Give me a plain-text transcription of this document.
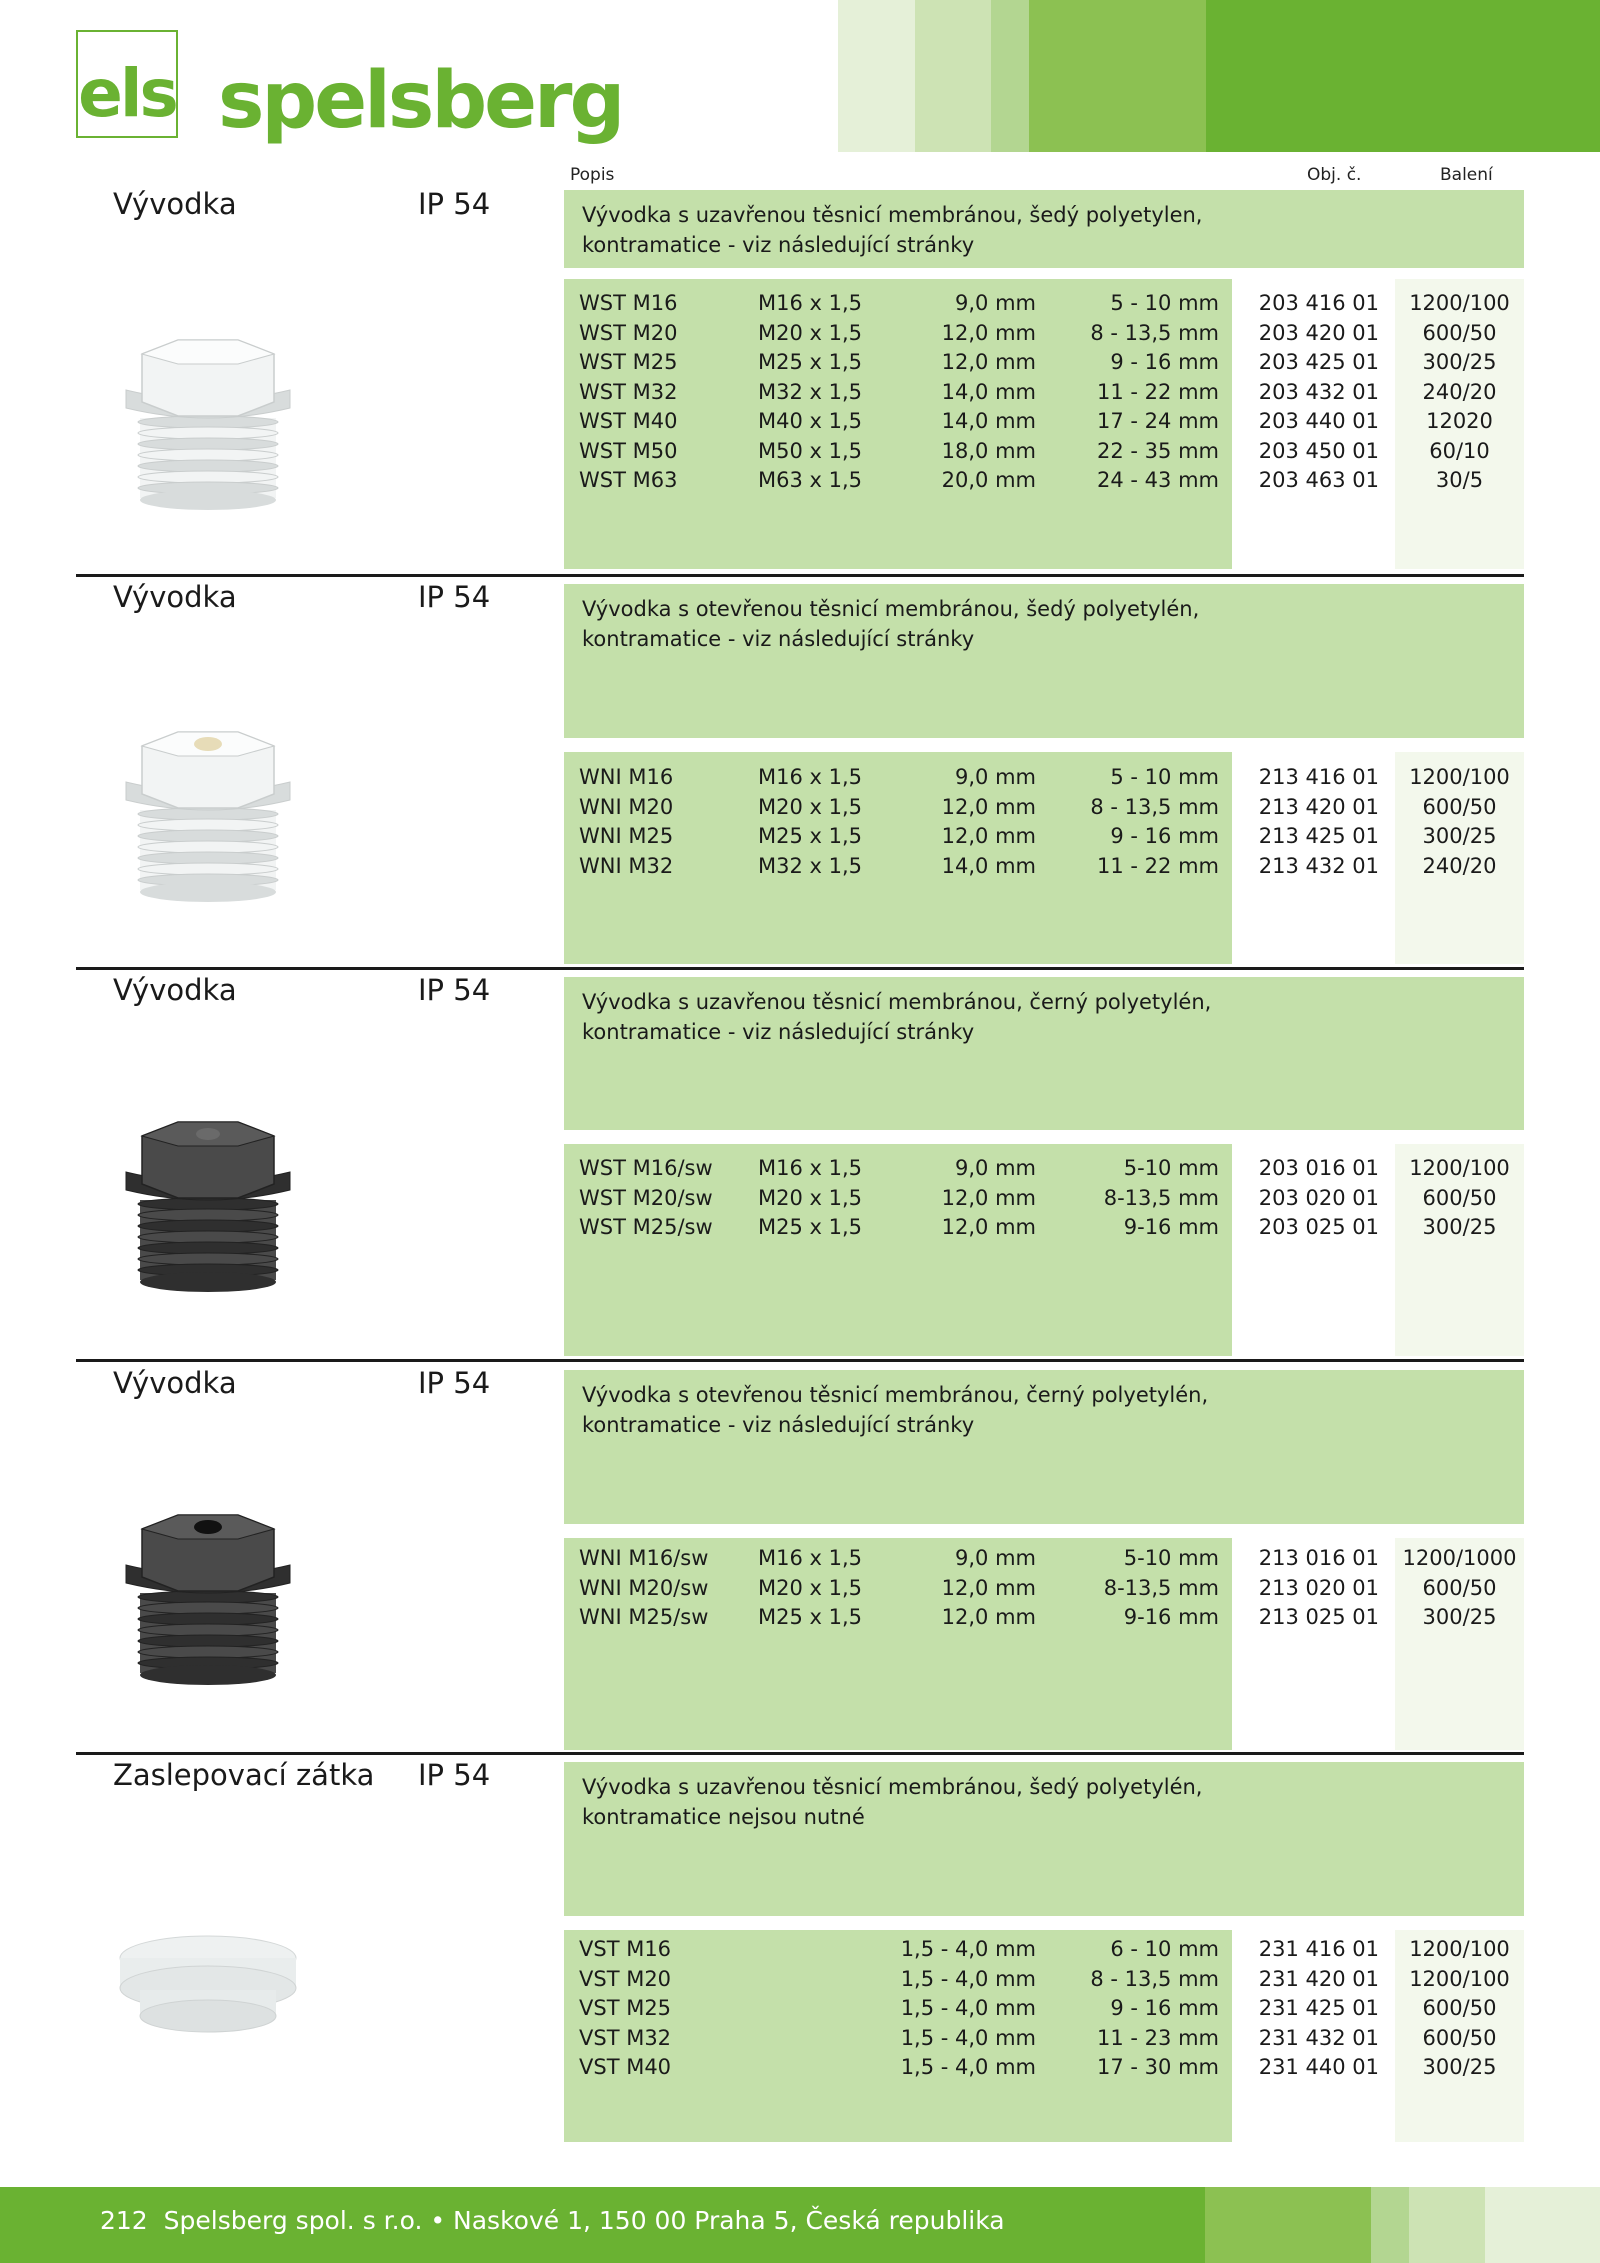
els spelsberg
Popis	Obj. č.	Balení
Vývodka	IP 54	Vývodka s uzavřenou těsnicí membránou, šedý polyetylen,
kontramatice - viz následující stránky
WST M16	M16 x 1,5	9,0 mm	5 - 10 mm 203 416 01	1200/100
WST M20	M20 x 1,5	12,0 mm	8 - 13,5 mm 203 420 01	600/50
WST M25	M25 x 1,5	12,0 mm	9 - 16 mm 203 425 01	300/25
WST M32	M32 x 1,5	14,0 mm	11 - 22 mm 203 432 01	240/20
WST M40	M40 x 1,5	14,0 mm	17 - 24 mm 203 440 01	12020
WST M50	M50 x 1,5	18,0 mm	22 - 35 mm 203 450 01	60/10
WST M63	M63 x 1,5	20,0 mm	24 - 43 mm 203 463 01	30/5
Vývodka	IP 54	Vývodka s otevřenou těsnicí membránou, šedý polyetylén,
kontramatice - viz následující stránky
WNI M16	M16 x 1,5	9,0 mm	5 - 10 mm 213 416 01	1200/100
WNI M20	M20 x 1,5	12,0 mm	8 - 13,5 mm 213 420 01	600/50
WNI M25	M25 x 1,5	12,0 mm	9 - 16 mm 213 425 01	300/25
WNI M32	M32 x 1,5	14,0 mm	11 - 22 mm 213 432 01	240/20
Vývodka	IP 54	Vývodka s uzavřenou těsnicí membránou, černý polyetylén,
kontramatice - viz následující stránky
WST M16/sw M16 x 1,5	9,0 mm	5-10 mm 203 016 01	1200/100
WST M20/sw M20 x 1,5	12,0 mm	8-13,5 mm 203 020 01	600/50
WST M25/sw M25 x 1,5	12,0 mm	9-16 mm 203 025 01	300/25
Vývodka	IP 54	Vývodka s otevřenou těsnicí membránou, černý polyetylén,
kontramatice - viz následující stránky
WNI M16/sw M16 x 1,5	9,0 mm	5-10 mm 213 016 01	1200/1000
WNI M20/sw M20 x 1,5	12,0 mm	8-13,5 mm 213 020 01	600/50
WNI M25/sw M25 x 1,5	12,0 mm	9-16 mm 213 025 01	300/25
Zaslepovací zátka IP 54	Vývodka s uzavřenou těsnicí membránou, šedý polyetylén,
kontramatice nejsou nutné
VST M16	1,5 - 4,0 mm	6 - 10 mm 231 416 01	1200/100
VST M20	1,5 - 4,0 mm	8 - 13,5 mm 231 420 01	1200/100
VST M25	1,5 - 4,0 mm	9 - 16 mm 231 425 01	600/50
VST M32	1,5 - 4,0 mm	11 - 23 mm 231 432 01	600/50
VST M40	1,5 - 4,0 mm	17 - 30 mm 231 440 01	300/25
212 Spelsberg spol. s r.o. • Naskové 1, 150 00 Praha 5, Česká republika
